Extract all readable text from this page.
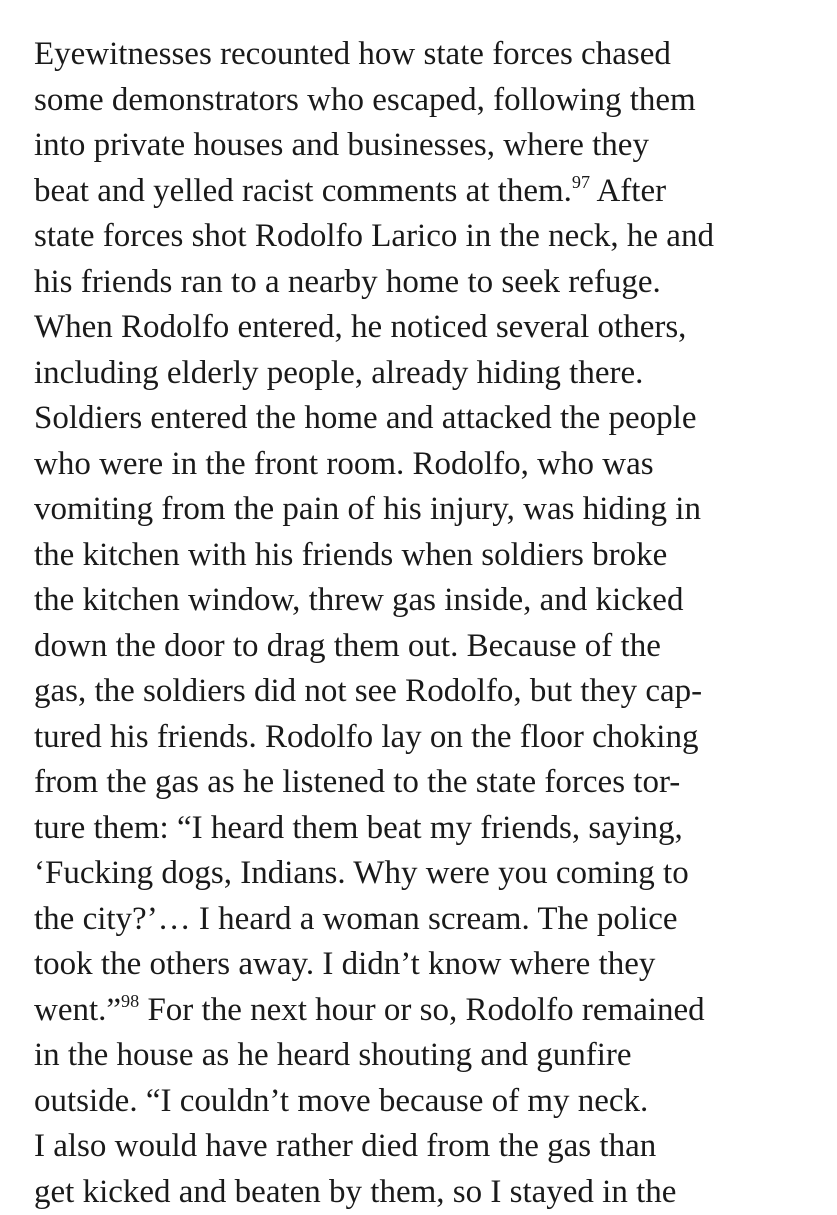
Eyewitnesses recounted how state forces chased
some demonstrators who escaped, following them
into private houses and businesses, where they
beat and yelled racist comments at them.$^{97}$ After
state forces shot Rodolfo Larico in the neck, he and
his friends ran to a nearby home to seek refuge.
When Rodolfo entered, he noticed several others,
including elderly people, already hiding there.
Soldiers entered the home and attacked the people
who were in the front room. Rodolfo, who was
vomiting from the pain of his injury, was hiding in
the kitchen with his friends when soldiers broke
the kitchen window, threw gas inside, and kicked
down the door to drag them out. Because of the
gas, the soldiers did not see Rodolfo, but they cap-
tured his friends. Rodolfo lay on the floor choking
from the gas as he listened to the state forces tor-
ture them: “I heard them beat my friends, saying,
‘Fucking dogs, Indians. Why were you coming to
the city?’… I heard a woman scream. The police
took the others away. I didn’t know where they
went.”$^{98}$ For the next hour or so, Rodolfo remained
in the house as he heard shouting and gunfire
outside. “I couldn’t move because of my neck.
I also would have rather died from the gas than
get kicked and beaten by them, so I stayed in the
